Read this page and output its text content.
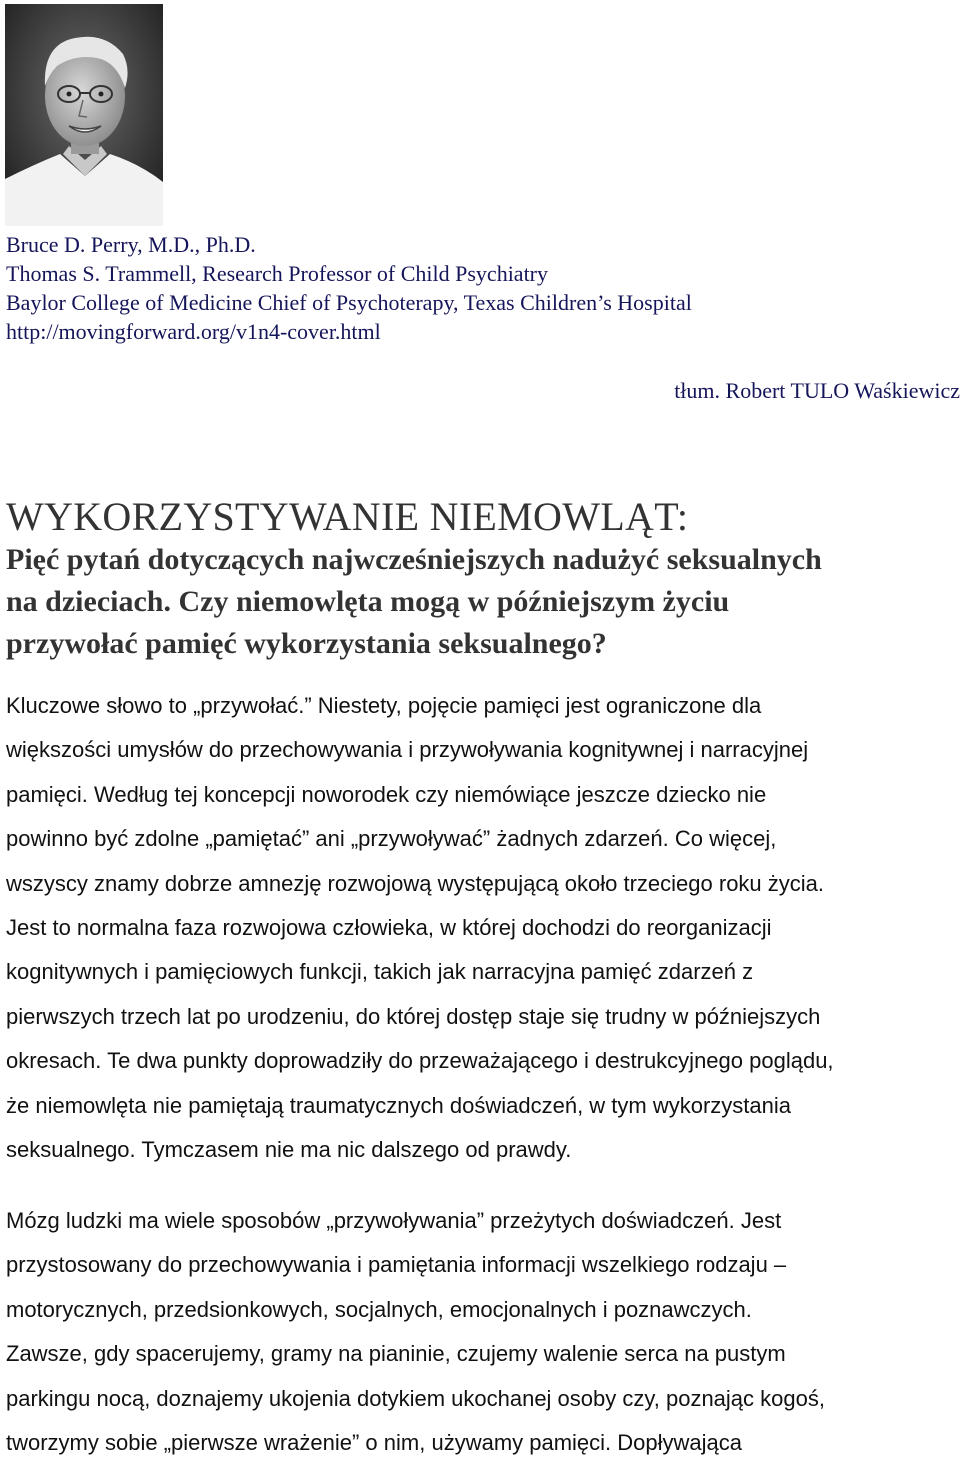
Bruce D. Perry, M.D., Ph.D.
Thomas S. Trammell, Research Professor of Child Psychiatry
Baylor College of Medicine Chief of Psychoterapy, Texas Children’s Hospital
http://movingforward.org/v1n4-cover.html
tłum. Robert TULO Waśkiewicz
WYKORZYSTYWANIE NIEMOWLĄT:
Pięć pytań dotyczących najwcześniejszych nadużyć seksualnych
na dzieciach. Czy niemowlęta mogą w późniejszym życiu
przywołać pamięć wykorzystania seksualnego?
Kluczowe słowo to „przywołać.” Niestety, pojęcie pamięci jest ograniczone dla
większości umysłów do przechowywania i przywoływania kognitywnej i narracyjnej
pamięci. Według tej koncepcji noworodek czy niemówiące jeszcze dziecko nie
powinno być zdolne „pamiętać” ani „przywoływać” żadnych zdarzeń. Co więcej,
wszyscy znamy dobrze amnezję rozwojową występującą około trzeciego roku życia.
Jest to normalna faza rozwojowa człowieka, w której dochodzi do reorganizacji
kognitywnych i pamięciowych funkcji, takich jak narracyjna pamięć zdarzeń z
pierwszych trzech lat po urodzeniu, do której dostęp staje się trudny w późniejszych
okresach. Te dwa punkty doprowadziły do przeważającego i destrukcyjnego poglądu,
że niemowlęta nie pamiętają traumatycznych doświadczeń, w tym wykorzystania
seksualnego. Tymczasem nie ma nic dalszego od prawdy.
Mózg ludzki ma wiele sposobów „przywoływania” przeżytych doświadczeń. Jest
przystosowany do przechowywania i pamiętania informacji wszelkiego rodzaju –
motorycznych, przedsionkowych, socjalnych, emocjonalnych i poznawczych.
Zawsze, gdy spacerujemy, gramy na pianinie, czujemy walenie serca na pustym
parkingu nocą, doznajemy ukojenia dotykiem ukochanej osoby czy, poznając kogoś,
tworzymy sobie „pierwsze wrażenie” o nim, używamy pamięci. Dopływająca
